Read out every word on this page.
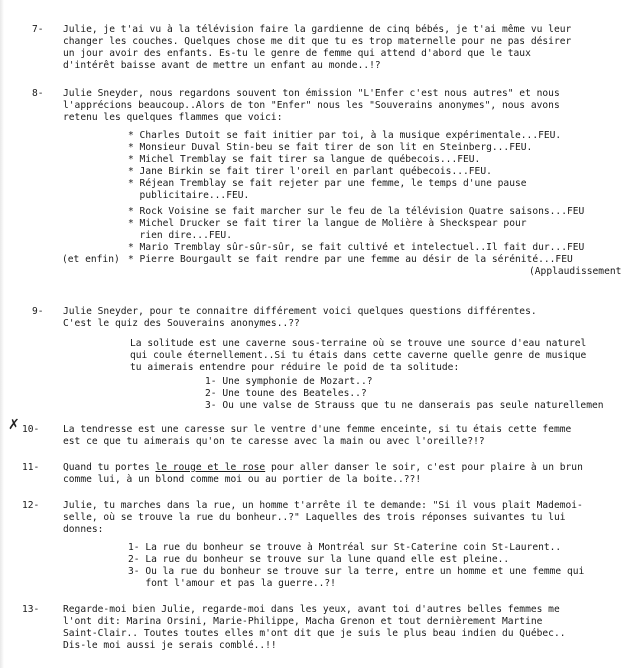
7- Julie, je t'ai vu à la télévision faire la gardienne de cinq bébés, je t'ai même vu leur
changer les couches. Quelques chose me dit que tu es trop maternelle pour ne pas désirer
un jour avoir des enfants. Es-tu le genre de femme qui attend d'abord que le taux
d'intérêt baisse avant de mettre un enfant au monde..!?
8- Julie Sneyder, nous regardons souvent ton émission "L'Enfer c'est nous autres" et nous
l'apprécions beaucoup..Alors de ton "Enfer" nous les "Souverains anonymes", nous avons
retenu les quelques flammes que voici:
* Charles Dutoit se fait initier par toi, à la musique expérimentale...FEU.
* Monsieur Duval Stin-beu se fait tirer de son lit en Steinberg...FEU.
* Michel Tremblay se fait tirer sa langue de québecois...FEU.
* Jane Birkin se fait tirer l'oreil en parlant québecois...FEU.
* Réjean Tremblay se fait rejeter par une femme, le temps d'une pause
publicitaire...FEU.
* Rock Voisine se fait marcher sur le feu de la télévision Quatre saisons...FEU
* Michel Drucker se fait tirer la langue de Molière à Sheckspear pour
rien dire...FEU.
* Mario Tremblay sûr-sûr-sûr, se fait cultivé et intelectuel..Il fait dur...FEU
(et enfin) * Pierre Bourgault se fait rendre par une femme au désir de la sérénité...FEU
(Applaudissement
9- Julie Sneyder, pour te connaitre différement voici quelques questions différentes.
C'est le quiz des Souverains anonymes..??
La solitude est une caverne sous-terraine où se trouve une source d'eau naturel
qui coule éternellement..Si tu étais dans cette caverne quelle genre de musique
tu aimerais entendre pour réduire le poid de ta solitude:
1- Une symphonie de Mozart..?
2- Une toune des Beateles..?
3- Ou une valse de Strauss que tu ne danserais pas seule naturellemen
✗ 10- La tendresse est une caresse sur le ventre d'une femme enceinte, si tu étais cette femme
est ce que tu aimerais qu'on te caresse avec la main ou avec l'oreille?!?
11- Quand tu portes le rouge et le rose pour aller danser le soir, c'est pour plaire à un brun
comme lui, à un blond comme moi ou au portier de la boite..??!
12- Julie, tu marches dans la rue, un homme t'arrête il te demande: "Si il vous plait Mademoi-
selle, où se trouve la rue du bonheur..?" Laquelles des trois réponses suivantes tu lui
donnes:
1- La rue du bonheur se trouve à Montréal sur St-Caterine coin St-Laurent..
2- La rue du bonheur se trouve sur la lune quand elle est pleine..
3- Ou la rue du bonheur se trouve sur la terre, entre un homme et une femme qui
font l'amour et pas la guerre..?!
13- Regarde-moi bien Julie, regarde-moi dans les yeux, avant toi d'autres belles femmes me
l'ont dit: Marina Orsini, Marie-Philippe, Macha Grenon et tout dernièrement Martine
Saint-Clair.. Toutes toutes elles m'ont dit que je suis le plus beau indien du Québec..
Dis-le moi aussi je serais comblé..!!
